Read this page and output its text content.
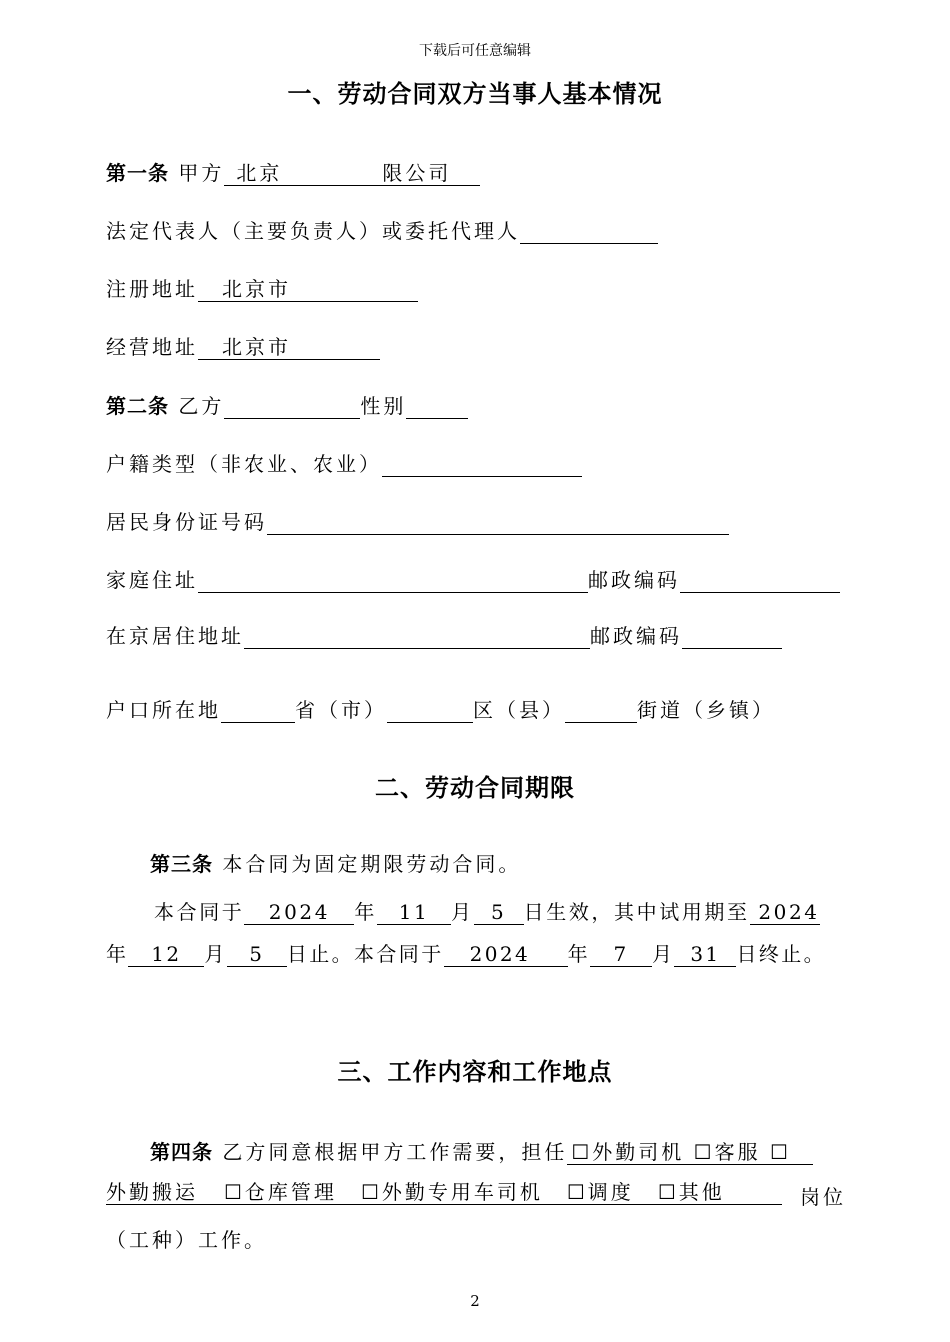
下载后可任意编辑
一、劳动合同双方当事人基本情况
第一条 甲方 北京	限公司
法定代表人（主要负责人）或委托代理人
注册地址 北京市
经营地址 北京市
第二条 乙方	性别
户籍类型（非农业、农业）
居民身份证号码
家庭住址	邮政编码
在京居住地址	邮政编码
户口所在地	省（市）	区（县）	街道（乡镇）
二、劳动合同期限
第三条 本合同为固定期限劳动合同。
本合同于 2024 年 11 月 5 日生效，其中试用期至 2024
年 12 月 5 日止。本合同于 2024 年 7 月 31 日终止。
三、工作内容和工作地点
第四条 乙方同意根据甲方工作需要，担任 ☐外勤司机 ☐客服 ☐
外勤搬运 ☐仓库管理 ☐外勤专用车司机 ☐调度 ☐其他	岗位
（工种）工作。
2
